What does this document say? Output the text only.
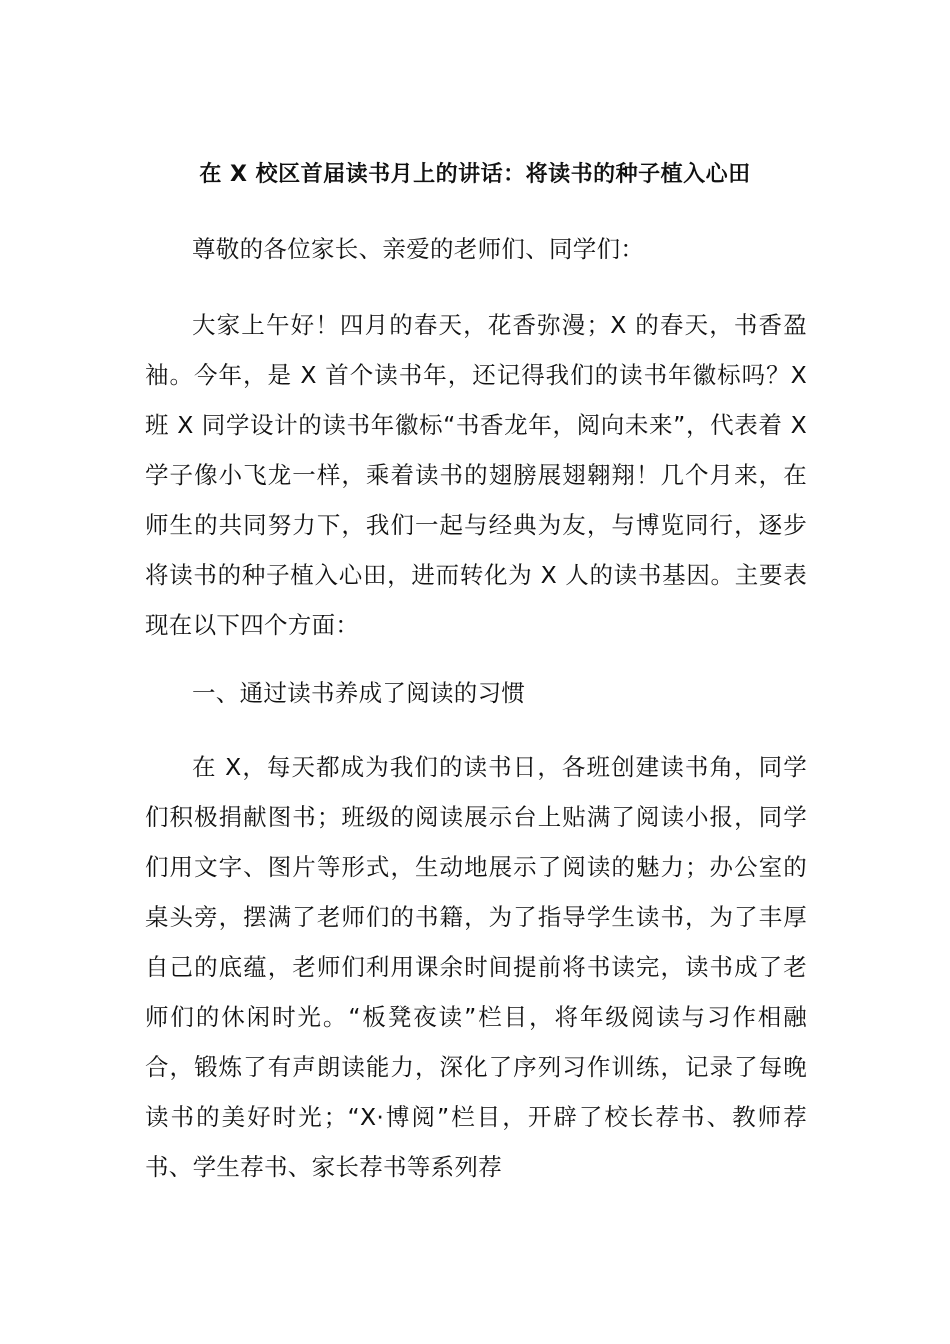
在 X 校区首届读书月上的讲话：将读书的种子植入心田

尊敬的各位家长、亲爱的老师们、同学们：

大家上午好！四月的春天，花香弥漫；X 的春天，书香盈袖。今年，是 X 首个读书年，还记得我们的读书年徽标吗？X 班 X 同学设计的读书年徽标“书香龙年，阅向未来”，代表着 X 学子像小飞龙一样，乘着读书的翅膀展翅翱翔！几个月来，在师生的共同努力下，我们一起与经典为友，与博览同行，逐步将读书的种子植入心田，进而转化为 X 人的读书基因。主要表现在以下四个方面：

一、通过读书养成了阅读的习惯

在 X，每天都成为我们的读书日，各班创建读书角，同学们积极捐献图书；班级的阅读展示台上贴满了阅读小报，同学们用文字、图片等形式，生动地展示了阅读的魅力；办公室的桌头旁，摆满了老师们的书籍，为了指导学生读书，为了丰厚自己的底蕴，老师们利用课余时间提前将书读完，读书成了老师们的休闲时光。“板凳夜读”栏目，将年级阅读与习作相融合，锻炼了有声朗读能力，深化了序列习作训练，记录了每晚读书的美好时光；“X·博阅”栏目，开辟了校长荐书、教师荐书、学生荐书、家长荐书等系列荐
